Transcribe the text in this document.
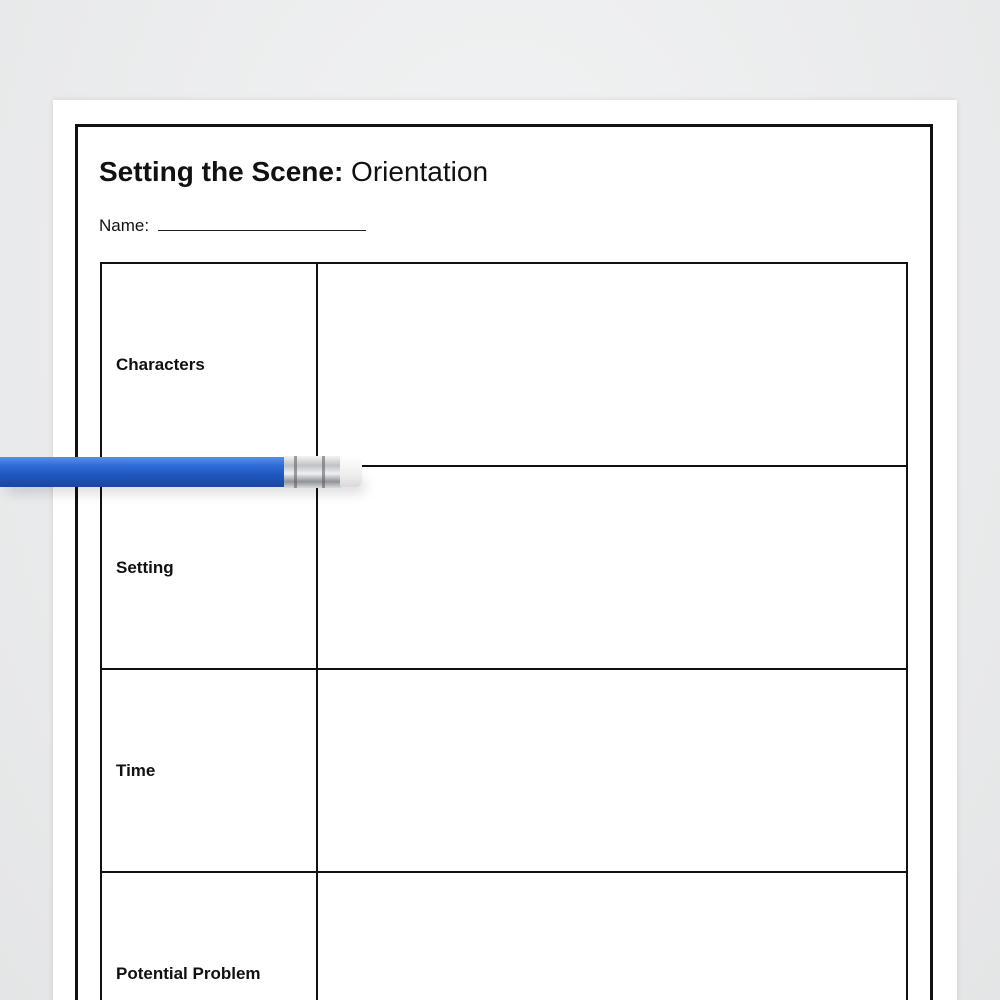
Setting the Scene: Orientation
Name:
Characters	
Setting	
Time	
Potential Problem	
